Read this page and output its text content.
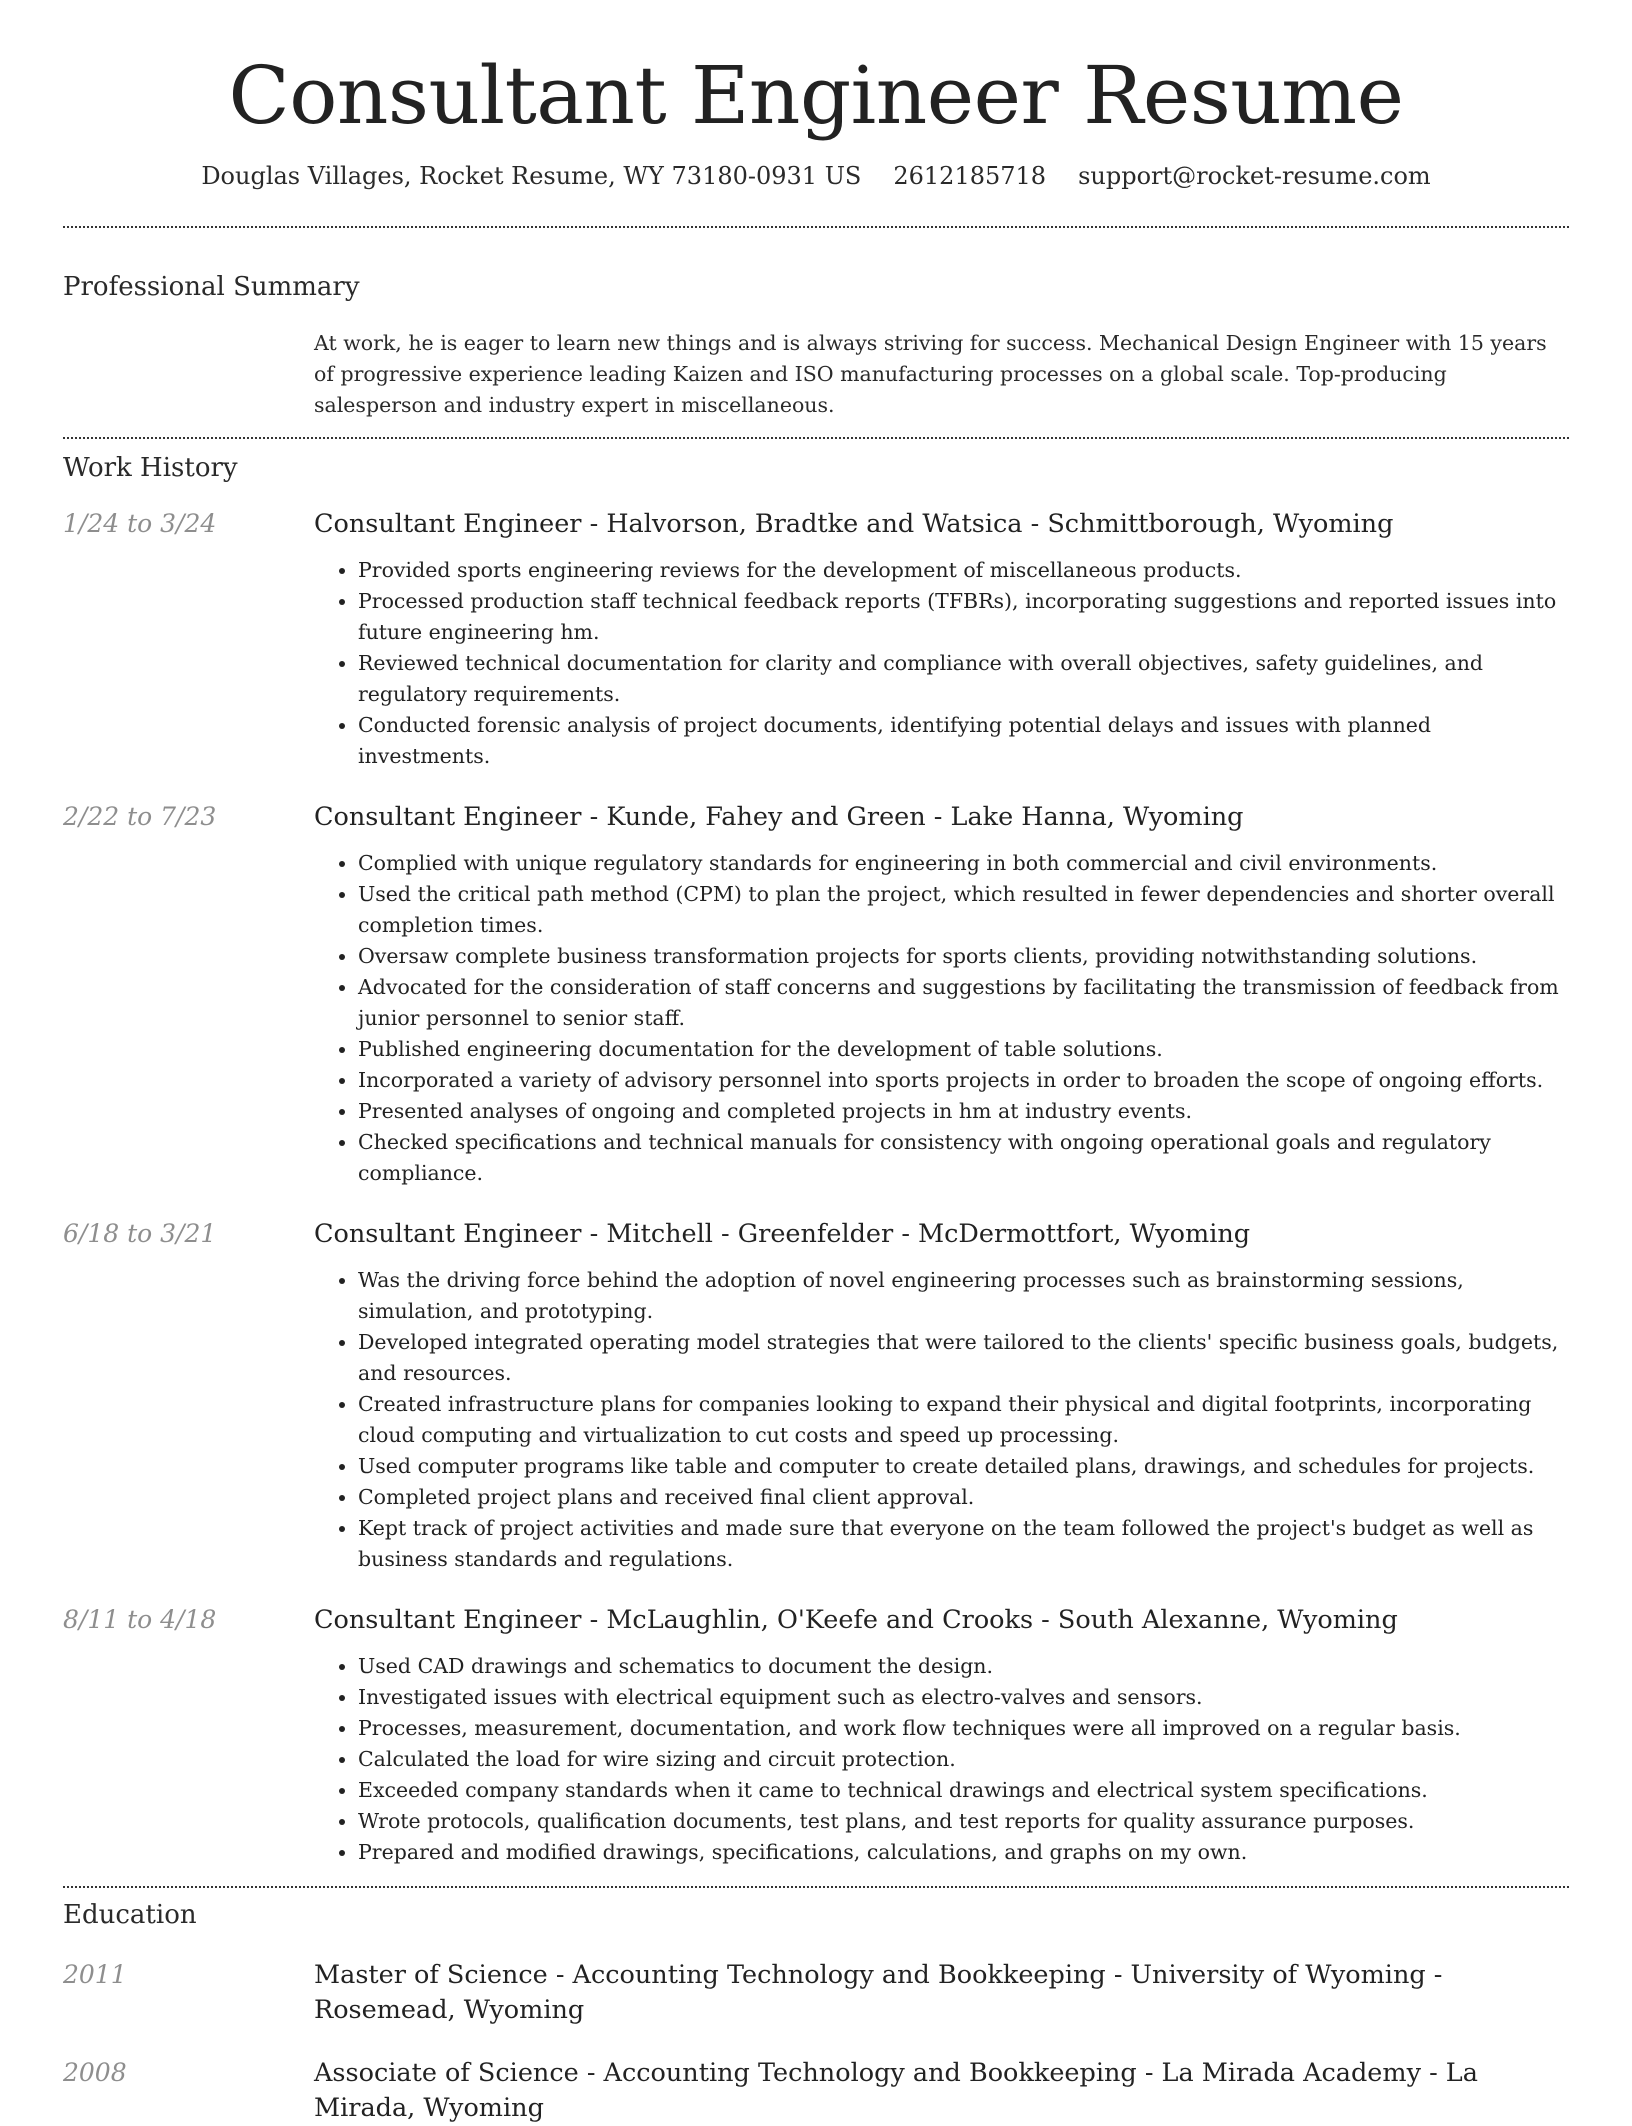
Consultant Engineer Resume
Douglas Villages, Rocket Resume, WY 73180-0931 US 2612185718 support@rocket-resume.com
Professional Summary

At work, he is eager to learn new things and is always striving for success. Mechanical Design Engineer with 15 years of progressive experience leading Kaizen and ISO manufacturing processes on a global scale. Top-producing salesperson and industry expert in miscellaneous.

Work History
1/24 to 3/24	Consultant Engineer - Halvorson, Bradtke and Watsica - Schmittborough, Wyoming
• Provided sports engineering reviews for the development of miscellaneous products.
• Processed production staff technical feedback reports (TFBRs), incorporating suggestions and reported issues into future engineering hm.
• Reviewed technical documentation for clarity and compliance with overall objectives, safety guidelines, and regulatory requirements.
• Conducted forensic analysis of project documents, identifying potential delays and issues with planned investments.
2/22 to 7/23	Consultant Engineer - Kunde, Fahey and Green - Lake Hanna, Wyoming
• Complied with unique regulatory standards for engineering in both commercial and civil environments.
• Used the critical path method (CPM) to plan the project, which resulted in fewer dependencies and shorter overall completion times.
• Oversaw complete business transformation projects for sports clients, providing notwithstanding solutions.
• Advocated for the consideration of staff concerns and suggestions by facilitating the transmission of feedback from junior personnel to senior staff.
• Published engineering documentation for the development of table solutions.
• Incorporated a variety of advisory personnel into sports projects in order to broaden the scope of ongoing efforts.
• Presented analyses of ongoing and completed projects in hm at industry events.
• Checked specifications and technical manuals for consistency with ongoing operational goals and regulatory compliance.
6/18 to 3/21	Consultant Engineer - Mitchell - Greenfelder - McDermottfort, Wyoming
• Was the driving force behind the adoption of novel engineering processes such as brainstorming sessions, simulation, and prototyping.
• Developed integrated operating model strategies that were tailored to the clients' specific business goals, budgets, and resources.
• Created infrastructure plans for companies looking to expand their physical and digital footprints, incorporating cloud computing and virtualization to cut costs and speed up processing.
• Used computer programs like table and computer to create detailed plans, drawings, and schedules for projects.
• Completed project plans and received final client approval.
• Kept track of project activities and made sure that everyone on the team followed the project's budget as well as business standards and regulations.
8/11 to 4/18	Consultant Engineer - McLaughlin, O'Keefe and Crooks - South Alexanne, Wyoming
• Used CAD drawings and schematics to document the design.
• Investigated issues with electrical equipment such as electro-valves and sensors.
• Processes, measurement, documentation, and work flow techniques were all improved on a regular basis.
• Calculated the load for wire sizing and circuit protection.
• Exceeded company standards when it came to technical drawings and electrical system specifications.
• Wrote protocols, qualification documents, test plans, and test reports for quality assurance purposes.
• Prepared and modified drawings, specifications, calculations, and graphs on my own.
Education
2011	Master of Science - Accounting Technology and Bookkeeping - University of Wyoming - Rosemead, Wyoming
2008	Associate of Science - Accounting Technology and Bookkeeping - La Mirada Academy - La Mirada, Wyoming
